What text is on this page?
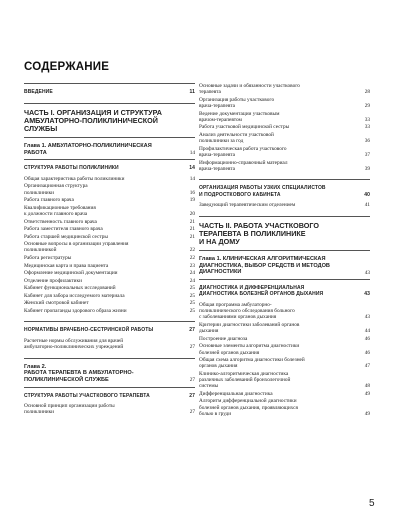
СОДЕРЖАНИЕ
ВВЕДЕНИЕ	11
ЧАСТЬ I. ОРГАНИЗАЦИЯ И СТРУКТУРА
АМБУЛАТОРНО-ПОЛИКЛИНИЧЕСКОЙ
СЛУЖБЫ
Глава 1. АМБУЛАТОРНО-ПОЛИКЛИНИЧЕСКАЯ
РАБОТА	14
СТРУКТУРА РАБОТЫ ПОЛИКЛИНИКИ	14
Общая характеристика работы поликлиники	14
Организационная структура
поликлиники	16
Работа главного врача	19
Квалификационные требования
к должности главного врача	20
Ответственность главного врача	21
Работа заместителя главного врача	21
Работа старшей медицинской сестры	21
Основные вопросы в организации управления
поликлиникой	22
Работа регистратуры	22
Медицинская карта и права пациента	23
Оформление медицинской документации	24
Отделение профилактики	24
Кабинет функциональных исследований	25
Кабинет для забора исследуемого материала	25
Женский смотровой кабинет	25
Кабинет пропаганды здорового образа жизни	25
НОРМАТИВЫ ВРАЧЕБНО-СЕСТРИНСКОЙ РАБОТЫ	27
Расчетные нормы обслуживания для врачей
амбулаторно-поликлинических учреждений	27
Глава 2.
РАБОТА ТЕРАПЕВТА В АМБУЛАТОРНО-
ПОЛИКЛИНИЧЕСКОЙ СЛУЖБЕ	27
СТРУКТУРА РАБОТЫ УЧАСТКОВОГО ТЕРАПЕВТА	27
Основной принцип организации работы
поликлиники	27
Основные задачи и обязанности участкового
терапевта	28
Организация работы участкового
врача-терапевта	29
Ведение документации участковым
врачом-терапевтом	33
Работа участковой медицинской сестры	33
Анализ деятельности участковой
поликлиники за год	36
Профилактическая работа участкового
врача-терапевта	37
Информационно-справочный материал
врача-терапевта	39
ОРГАНИЗАЦИЯ РАБОТЫ УЗКИХ СПЕЦИАЛИСТОВ
И ПОДРОСТКОВОГО КАБИНЕТА	40
Заведующий терапевтическим отделением	41
ЧАСТЬ II. РАБОТА УЧАСТКОВОГО
ТЕРАПЕВТА В ПОЛИКЛИНИКЕ
И НА ДОМУ
Глава 1. КЛИНИЧЕСКАЯ АЛГОРИТМИЧЕСКАЯ
ДИАГНОСТИКА, ВЫБОР СРЕДСТВ И МЕТОДОВ
ДИАГНОСТИКИ	43
ДИАГНОСТИКА И ДИФФЕРЕНЦИАЛЬНАЯ
ДИАГНОСТИКА БОЛЕЗНЕЙ ОРГАНОВ ДЫХАНИЯ	43
Общая программа амбулаторно-
поликлинического обследования больного
с заболеваниями органов дыхания	43
Критерии диагностики заболеваний органов
дыхания	44
Построение диагноза	46
Основные элементы алгоритма диагностики
болезней органов дыхания	46
Общая схема алгоритма диагностики болезней
органов дыхания	47
Клинико-алгоритмическая диагностика
различных заболеваний бронхолегочной
системы	48
Дифференциальная диагностика	49
Алгоритм дифференциальной диагностики
болезней органов дыхания, проявляющихся
болью в груди	49
5
